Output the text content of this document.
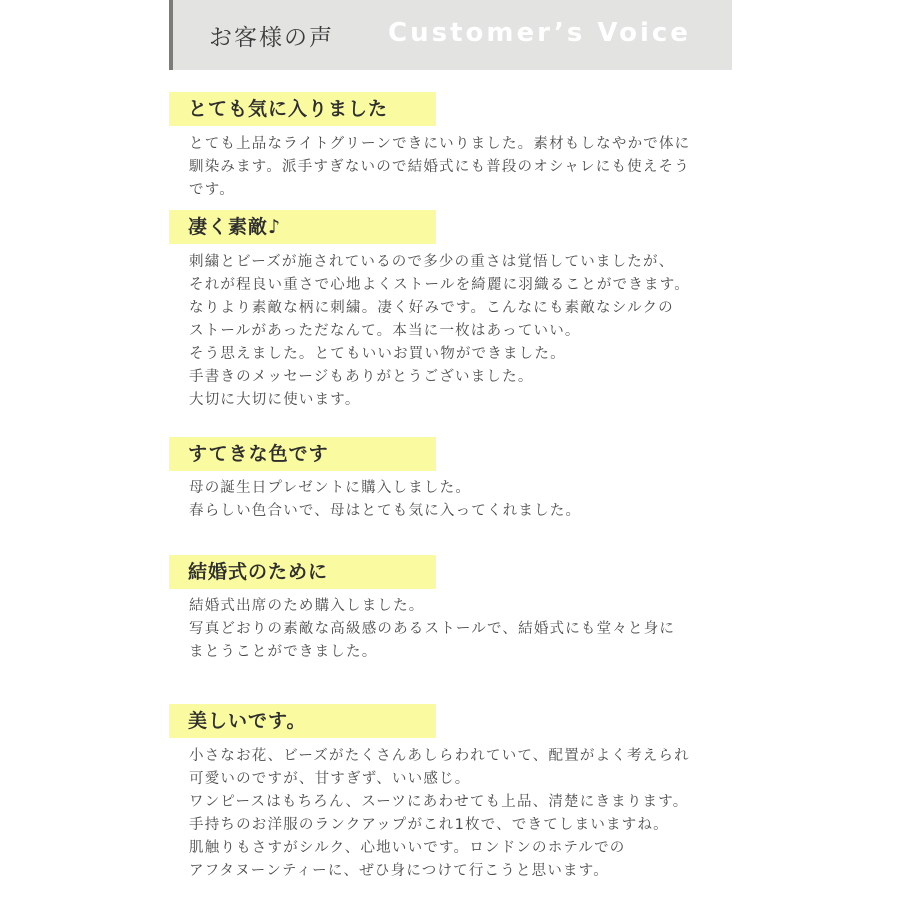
お客様の声 Customer’s Voice
とても気に入りました
とても上品なライトグリーンできにいりました。素材もしなやかで体に
馴染みます。派手すぎないので結婚式にも普段のオシャレにも使えそう
です。
凄く素敵♪
刺繍とビーズが施されているので多少の重さは覚悟していましたが、
それが程良い重さで心地よくストールを綺麗に羽織ることができます。
なりより素敵な柄に刺繍。凄く好みです。こんなにも素敵なシルクの
ストールがあっただなんて。本当に一枚はあっていい。
そう思えました。とてもいいお買い物ができました。
手書きのメッセージもありがとうございました。
大切に大切に使います。
すてきな色です
母の誕生日プレゼントに購入しました。
春らしい色合いで、母はとても気に入ってくれました。
結婚式のために
結婚式出席のため購入しました。
写真どおりの素敵な高級感のあるストールで、結婚式にも堂々と身に
まとうことができました。
美しいです。
小さなお花、ビーズがたくさんあしらわれていて、配置がよく考えられ
可愛いのですが、甘すぎず、いい感じ。
ワンピースはもちろん、スーツにあわせても上品、清楚にきまります。
手持ちのお洋服のランクアップがこれ1枚で、できてしまいますね。
肌触りもさすがシルク、心地いいです。ロンドンのホテルでの
アフタヌーンティーに、ぜひ身につけて行こうと思います。
